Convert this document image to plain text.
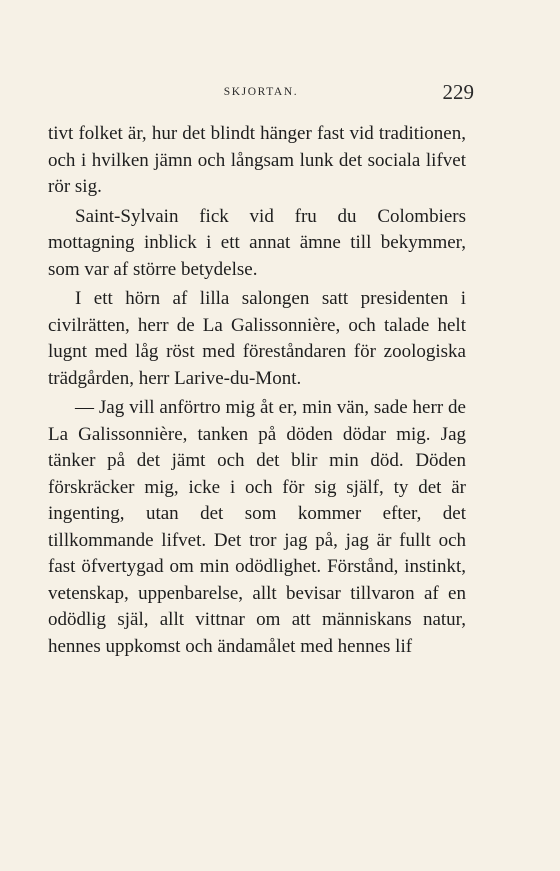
SKJORTAN.	229

tivt folket är, hur det blindt hänger fast vid traditionen, och i hvilken jämn och långsam lunk det sociala lifvet rör sig.

Saint-Sylvain fick vid fru du Colombiers mottagning inblick i ett annat ämne till bekymmer, som var af större betydelse.

I ett hörn af lilla salongen satt presidenten i civilrätten, herr de La Galissonnière, och talade helt lugnt med låg röst med föreståndaren för zoologiska trädgården, herr Larive-du-Mont.

— Jag vill anförtro mig åt er, min vän, sade herr de La Galissonnière, tanken på döden dödar mig. Jag tänker på det jämt och det blir min död. Döden förskräcker mig, icke i och för sig själf, ty det är ingenting, utan det som kommer efter, det tillkommande lifvet. Det tror jag på, jag är fullt och fast öfvertygad om min odödlighet. Förstånd, instinkt, vetenskap, uppenbarelse, allt bevisar tillvaron af en odödlig själ, allt vittnar om att människans natur, hennes uppkomst och ändamålet med hennes lif
